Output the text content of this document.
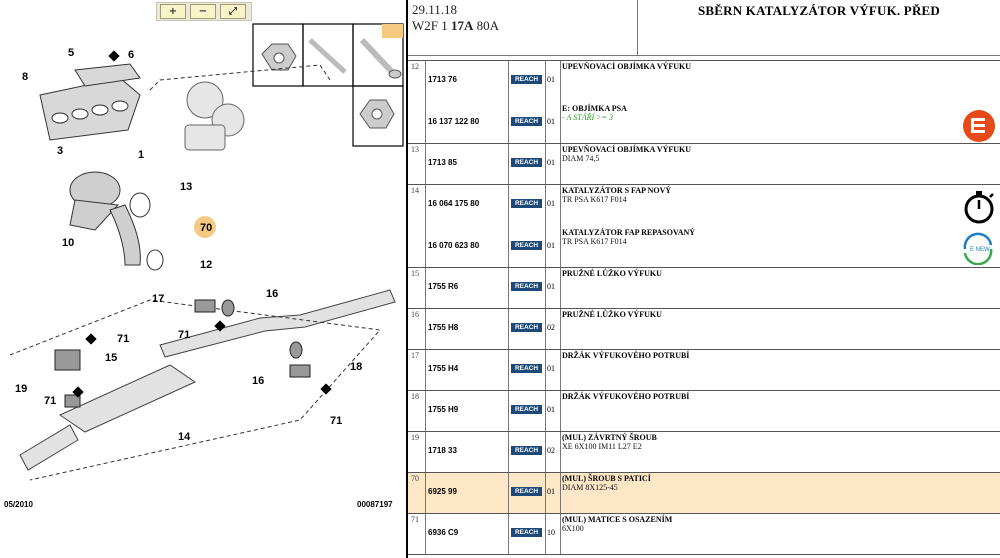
+ − ⤢
5	6
8
3	1
13
70
10
12
17	16
71
71
15
19
71
18
16
71
14
05/2010	00087197
29.11.18
W2F 1 17A 80A
SBĚRN KATALYZÁTOR VÝFUK. PŘED
12
1713 76	REACH	01
UPEVŇOVACÍ OBJÍMKA VÝFUKU
16 137 122 80	REACH	01
E: OBJÍMKA PSA
- A STÁŘÍ >= 3
13
1713 85	REACH	01
UPEVŇOVACÍ OBJÍMKA VÝFUKU
DIAM 74,5
14
16 064 175 80	REACH	01
KATALYZÁTOR S FAP NOVÝ
TR PSA K617 F014
16 070 623 80	REACH	01
KATALYZÁTOR FAP REPASOVANÝ
TR PSA K617 F014
E NEW
15
1755 R6	REACH	01
PRUŽNÉ LŮŽKO VÝFUKU
16
1755 H8	REACH	02
PRUŽNÉ LŮŽKO VÝFUKU
17
1755 H4	REACH	01
DRŽÁK VÝFUKOVÉHO POTRUBÍ
18
1755 H9	REACH	01
DRŽÁK VÝFUKOVÉHO POTRUBÍ
19
1718 33	REACH	02
(MUL) ZÁVRTNÝ ŠROUB
XE 6X100 IM11 L27 E2
70
6925 99	REACH	01
(MUL) ŠROUB S PATICÍ
DIAM 8X125-45
71
6936 C9	REACH	10
(MUL) MATICE S OSAZENÍM
6X100
